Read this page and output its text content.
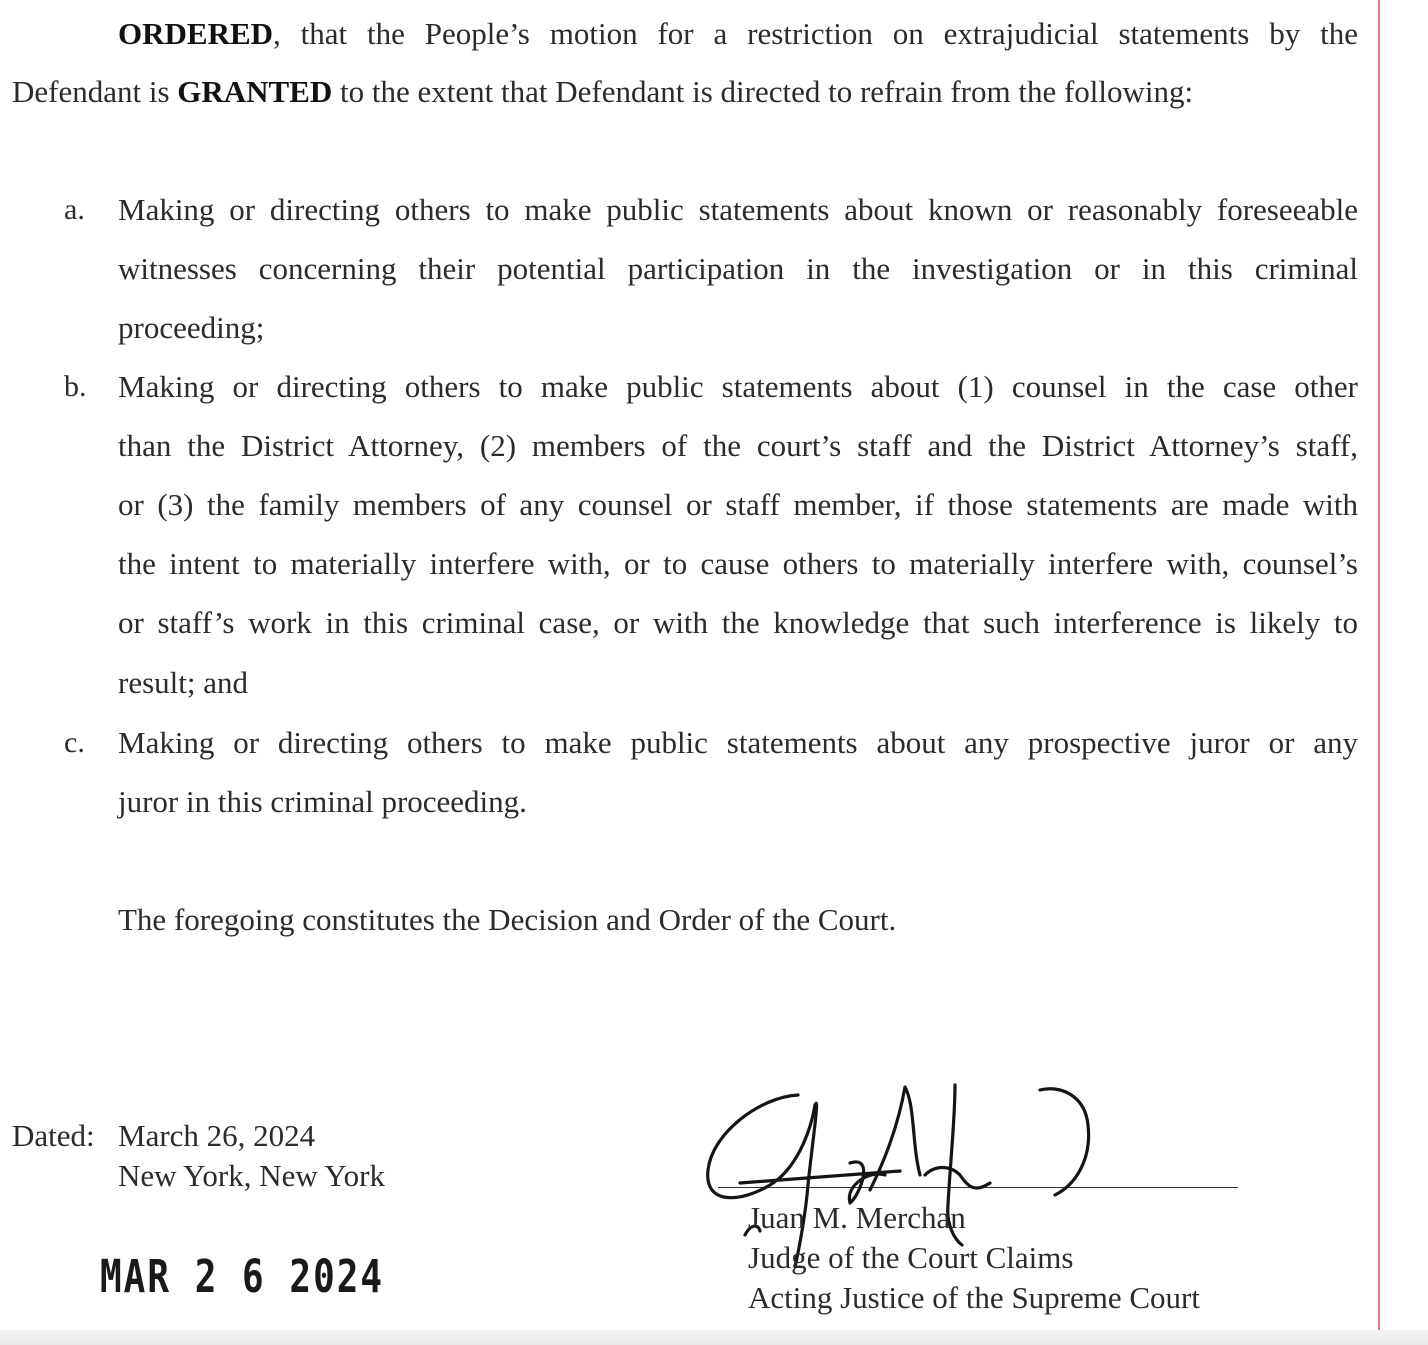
ORDERED, that the People’s motion for a restriction on extrajudicial statements by the
Defendant is GRANTED to the extent that Defendant is directed to refrain from the following:
a. Making or directing others to make public statements about known or reasonably foreseeable
witnesses concerning their potential participation in the investigation or in this criminal
proceeding;
b. Making or directing others to make public statements about (1) counsel in the case other
than the District Attorney, (2) members of the court’s staff and the District Attorney’s staff,
or (3) the family members of any counsel or staff member, if those statements are made with
the intent to materially interfere with, or to cause others to materially interfere with, counsel’s
or staff’s work in this criminal case, or with the knowledge that such interference is likely to
result; and
c. Making or directing others to make public statements about any prospective juror or any
juror in this criminal proceeding.
The foregoing constitutes the Decision and Order of the Court.
Dated: March 26, 2024
New York, New York
MAR 2 6 2024
Juan M. Merchan
Judge of the Court Claims
Acting Justice of the Supreme Court
